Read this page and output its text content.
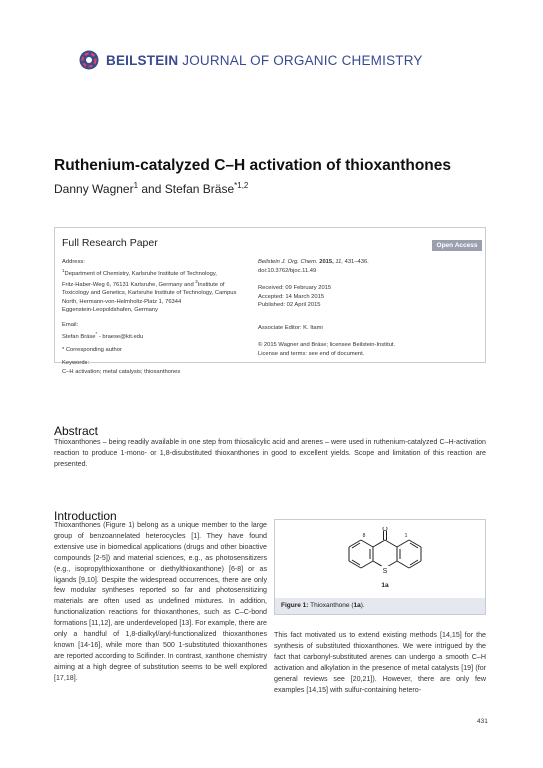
BEILSTEIN JOURNAL OF ORGANIC CHEMISTRY
Ruthenium-catalyzed C–H activation of thioxanthones
Danny Wagner$^1$ and Stefan Bräse$^{*1,2}$
Full Research Paper	Open Access
Address:
$^1$Department of Chemistry, Karlsruhe Institute of Technology,
Fritz-Haber-Weg 6, 76131 Karlsruhe, Germany and $^2$Institute of
Toxicology and Genetics, Karlsruhe Institute of Technology, Campus
North, Hermann-von-Helmholtz-Platz 1, 76344
Eggenstein-Leopoldshafen, Germany
Email:
Stefan Bräse* - braese@kit.edu
* Corresponding author
Keywords:
C–H activation; metal catalysis; thioxanthones
Beilstein J. Org. Chem. 2015, 11, 431–436.
doi:10.3762/bjoc.11.49
Received: 09 February 2015
Accepted: 14 March 2015
Published: 02 April 2015
Associate Editor: K. Itami
© 2015 Wagner and Bräse; licensee Beilstein-Institut.
License and terms: see end of document.
Abstract
Thioxanthones – being readily available in one step from thiosalicylic acid and arenes – were used in ruthenium-catalyzed C–H-activation reaction to produce 1-mono- or 1,8-disubstituted thioxanthones in good to excellent yields. Scope and limitation of this reaction are presented.
Introduction
Thioxanthones (Figure 1) belong as a unique member to the large group of benzoannelated heterocycles [1]. They have found extensive use in biomedical applications (drugs and other bioactive compounds [2-5]) and material sciences, e.g., as photosensitizers (e.g., isopropylthioxanthone or diethylthioxanthone) [6-8] or as ligands [9,10]. Despite the widespread occurrences, there are only few modular syntheses reported so far and photosensitizing materials are often used as undefined mixtures. In addition, functionalization reactions for thioxanthones, such as C–C-bond formations [11,12], are underdeveloped [13]. For example, there are only a handful of 1,8-dialkyl/aryl-functionalized thioxanthones known [14-16], while more than 500 1-substituted thioxanthones are reported according to Scifinder. In contrast, xanthone chemistry aiming at a high degree of substitution seems to be well explored [17,18].
O
S
8	1
1a
Figure 1: Thioxanthone (1a).
This fact motivated us to extend existing methods [14,15] for the synthesis of substituted thioxanthones. We were intrigued by the fact that carbonyl-substituted arenes can undergo a smooth C–H activation and alkylation in the presence of metal catalysts [19] (for general reviews see [20,21]). However, there are only few examples [14,15] with sulfur-containing hetero-
431
